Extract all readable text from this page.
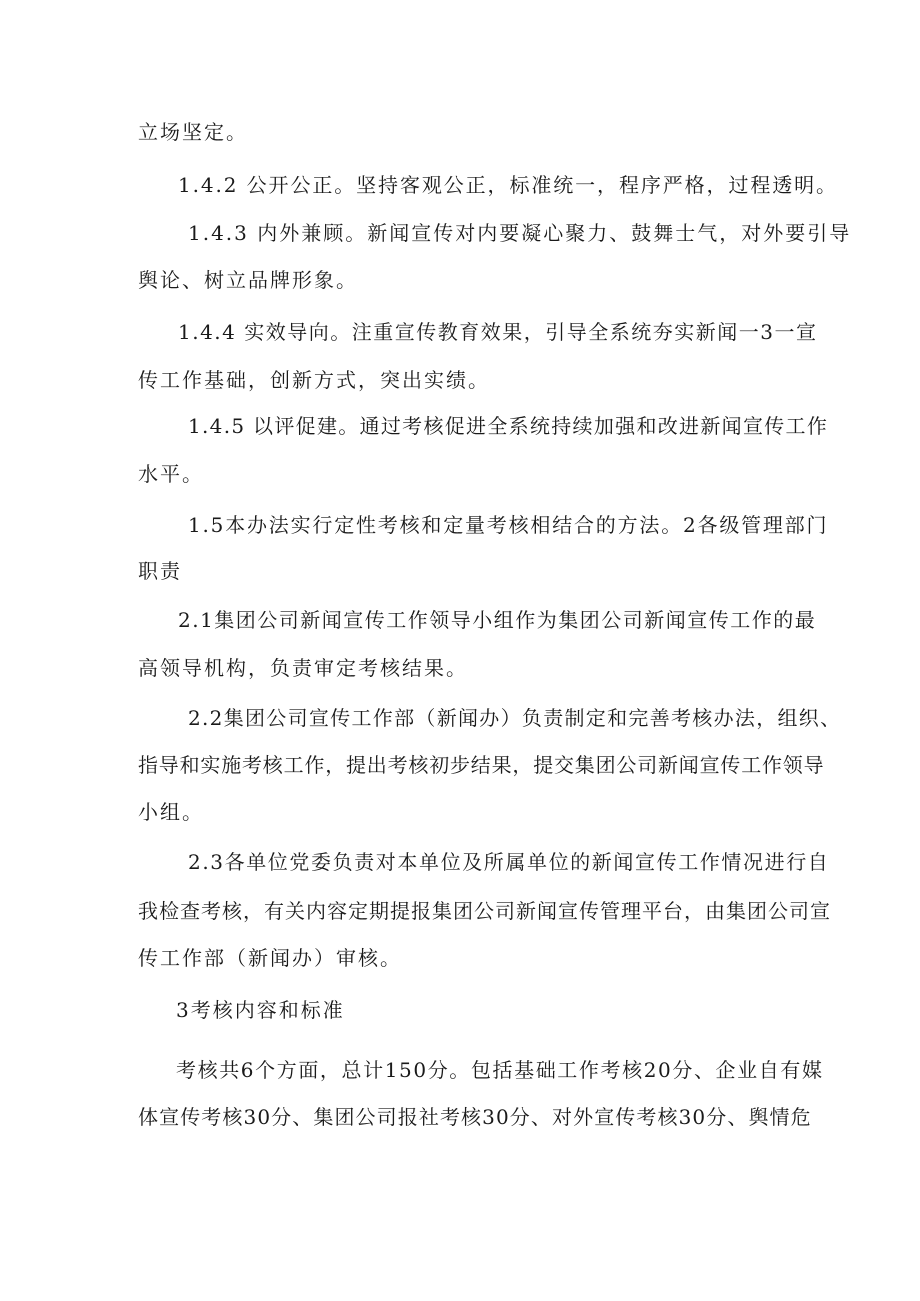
立场坚定。
1.4.2 公开公正。坚持客观公正，标准统一，程序严格，过程透明。
1.4.3 内外兼顾。新闻宣传对内要凝心聚力、鼓舞士气，对外要引导
舆论、树立品牌形象。
1.4.4 实效导向。注重宣传教育效果，引导全系统夯实新闻一3一宣
传工作基础，创新方式，突出实绩。
1.4.5 以评促建。通过考核促进全系统持续加强和改进新闻宣传工作
水平。
1.5本办法实行定性考核和定量考核相结合的方法。2各级管理部门
职责
2.1集团公司新闻宣传工作领导小组作为集团公司新闻宣传工作的最
高领导机构，负责审定考核结果。
2.2集团公司宣传工作部（新闻办）负责制定和完善考核办法，组织、
指导和实施考核工作，提出考核初步结果，提交集团公司新闻宣传工作领导
小组。
2.3各单位党委负责对本单位及所属单位的新闻宣传工作情况进行自
我检查考核，有关内容定期提报集团公司新闻宣传管理平台，由集团公司宣
传工作部（新闻办）审核。
3考核内容和标准
考核共6个方面，总计150分。包括基础工作考核20分、企业自有媒
体宣传考核30分、集团公司报社考核30分、对外宣传考核30分、舆情危
